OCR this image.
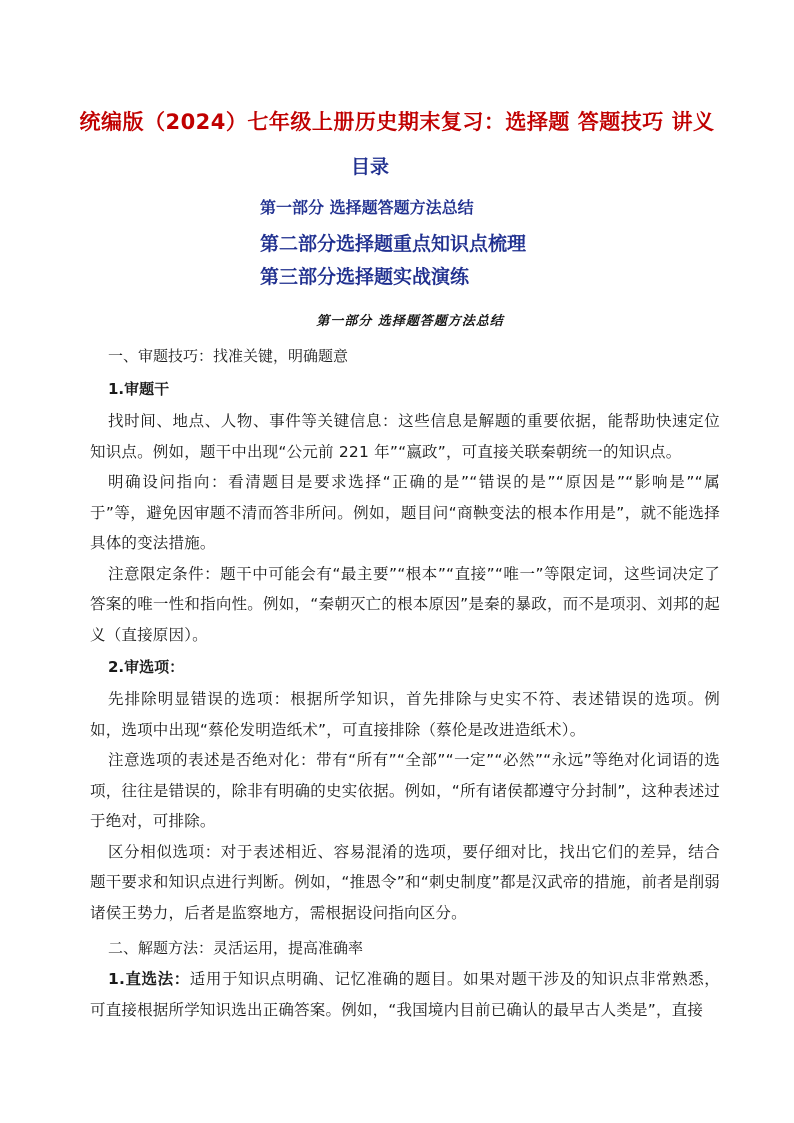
统编版（2024）七年级上册历史期末复习：选择题 答题技巧 讲义
目录
第一部分 选择题答题方法总结
第二部分选择题重点知识点梳理
第三部分选择题实战演练
第一部分 选择题答题方法总结
一、审题技巧：找准关键，明确题意
1.审题干

找时间、地点、人物、事件等关键信息：这些信息是解题的重要依据，能帮助快速定位知识点。例如，题干中出现“公元前 221 年”“嬴政”，可直接关联秦朝统一的知识点。

明确设问指向：看清题目是要求选择“正确的是”“错误的是”“原因是”“影响是”“属于”等，避免因审题不清而答非所问。例如，题目问“商鞅变法的根本作用是”，就不能选择具体的变法措施。

注意限定条件：题干中可能会有“最主要”“根本”“直接”“唯一”等限定词，这些词决定了答案的唯一性和指向性。例如，“秦朝灭亡的根本原因”是秦的暴政，而不是项羽、刘邦的起义（直接原因）。

2.审选项：

先排除明显错误的选项：根据所学知识，首先排除与史实不符、表述错误的选项。例如，选项中出现“蔡伦发明造纸术”，可直接排除（蔡伦是改进造纸术）。

注意选项的表述是否绝对化：带有“所有”“全部”“一定”“必然”“永远”等绝对化词语的选项，往往是错误的，除非有明确的史实依据。例如，“所有诸侯都遵守分封制”，这种表述过于绝对，可排除。

区分相似选项：对于表述相近、容易混淆的选项，要仔细对比，找出它们的差异，结合题干要求和知识点进行判断。例如，“推恩令”和“刺史制度”都是汉武帝的措施，前者是削弱诸侯王势力，后者是监察地方，需根据设问指向区分。

二、解题方法：灵活运用，提高准确率

1.直选法：适用于知识点明确、记忆准确的题目。如果对题干涉及的知识点非常熟悉，可直接根据所学知识选出正确答案。例如，“我国境内目前已确认的最早古人类是”，直接
